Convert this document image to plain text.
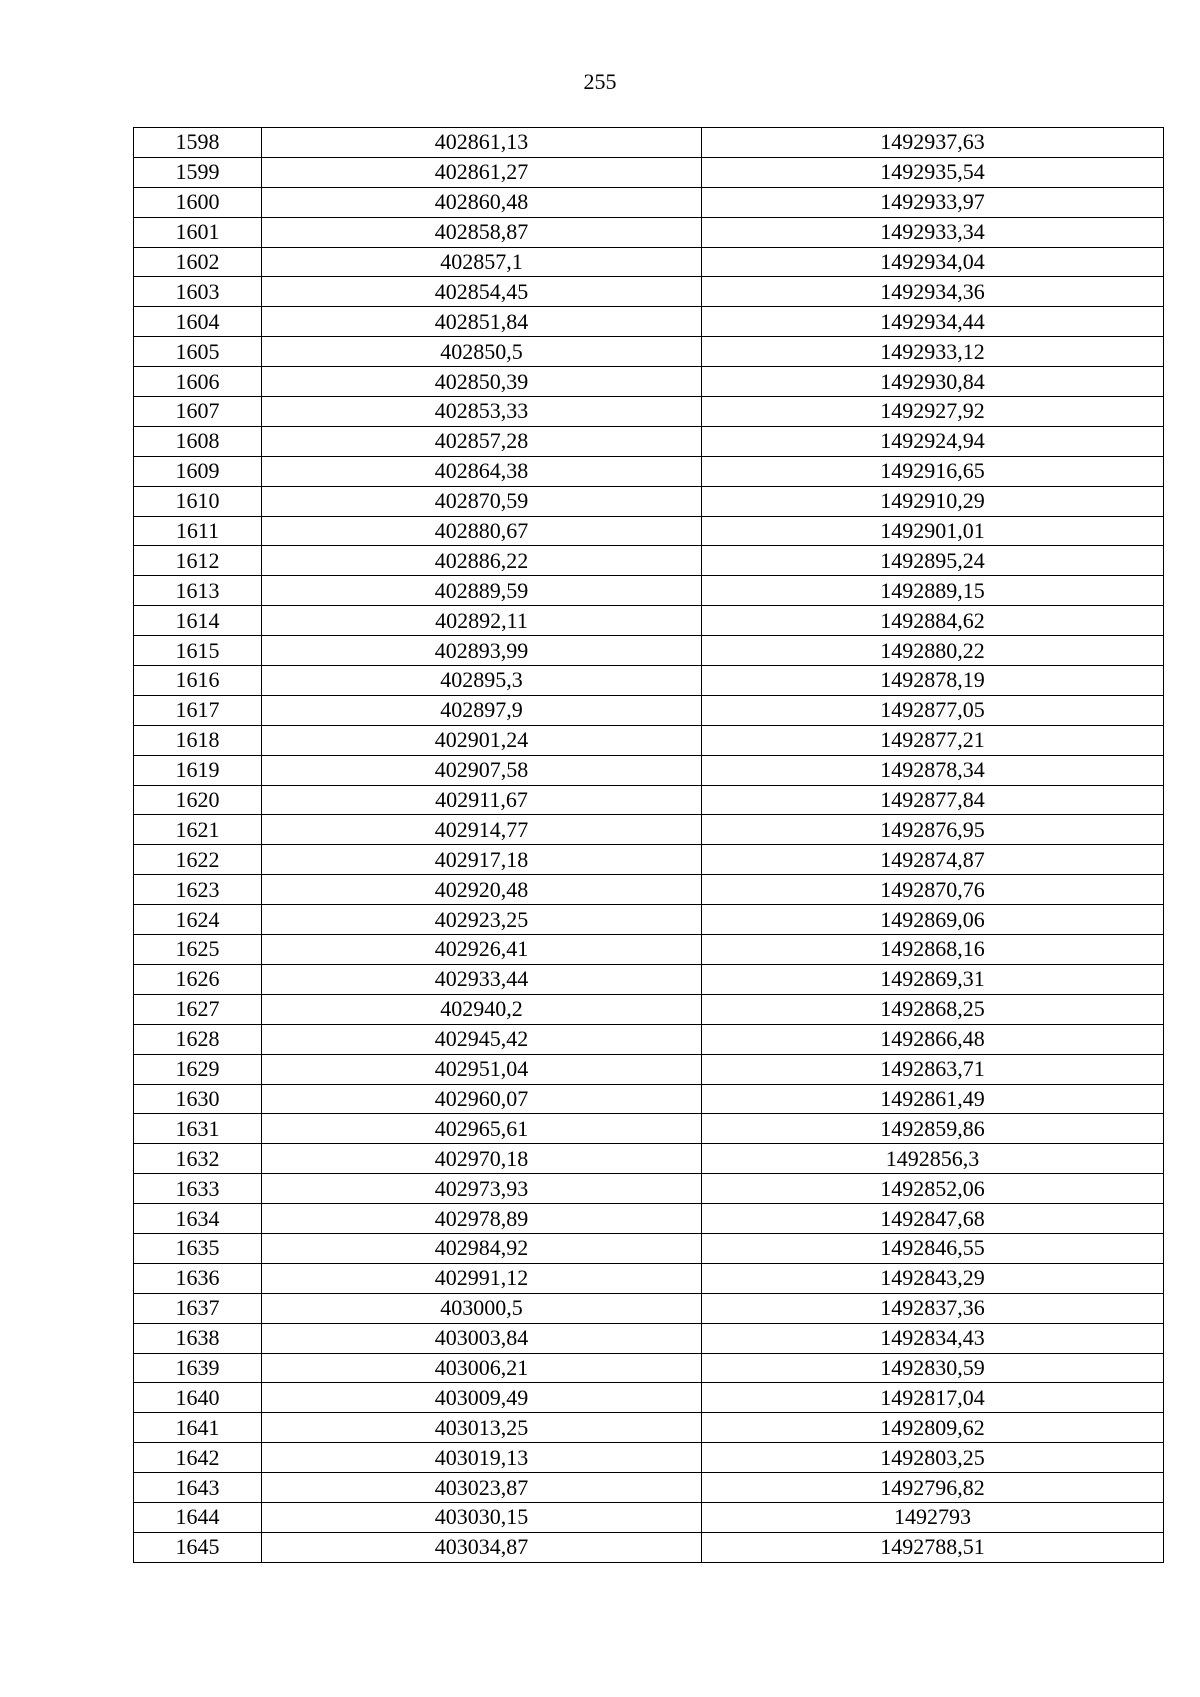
255
1598	402861,13	1492937,63
1599	402861,27	1492935,54
1600	402860,48	1492933,97
1601	402858,87	1492933,34
1602	402857,1	1492934,04
1603	402854,45	1492934,36
1604	402851,84	1492934,44
1605	402850,5	1492933,12
1606	402850,39	1492930,84
1607	402853,33	1492927,92
1608	402857,28	1492924,94
1609	402864,38	1492916,65
1610	402870,59	1492910,29
1611	402880,67	1492901,01
1612	402886,22	1492895,24
1613	402889,59	1492889,15
1614	402892,11	1492884,62
1615	402893,99	1492880,22
1616	402895,3	1492878,19
1617	402897,9	1492877,05
1618	402901,24	1492877,21
1619	402907,58	1492878,34
1620	402911,67	1492877,84
1621	402914,77	1492876,95
1622	402917,18	1492874,87
1623	402920,48	1492870,76
1624	402923,25	1492869,06
1625	402926,41	1492868,16
1626	402933,44	1492869,31
1627	402940,2	1492868,25
1628	402945,42	1492866,48
1629	402951,04	1492863,71
1630	402960,07	1492861,49
1631	402965,61	1492859,86
1632	402970,18	1492856,3
1633	402973,93	1492852,06
1634	402978,89	1492847,68
1635	402984,92	1492846,55
1636	402991,12	1492843,29
1637	403000,5	1492837,36
1638	403003,84	1492834,43
1639	403006,21	1492830,59
1640	403009,49	1492817,04
1641	403013,25	1492809,62
1642	403019,13	1492803,25
1643	403023,87	1492796,82
1644	403030,15	1492793
1645	403034,87	1492788,51
